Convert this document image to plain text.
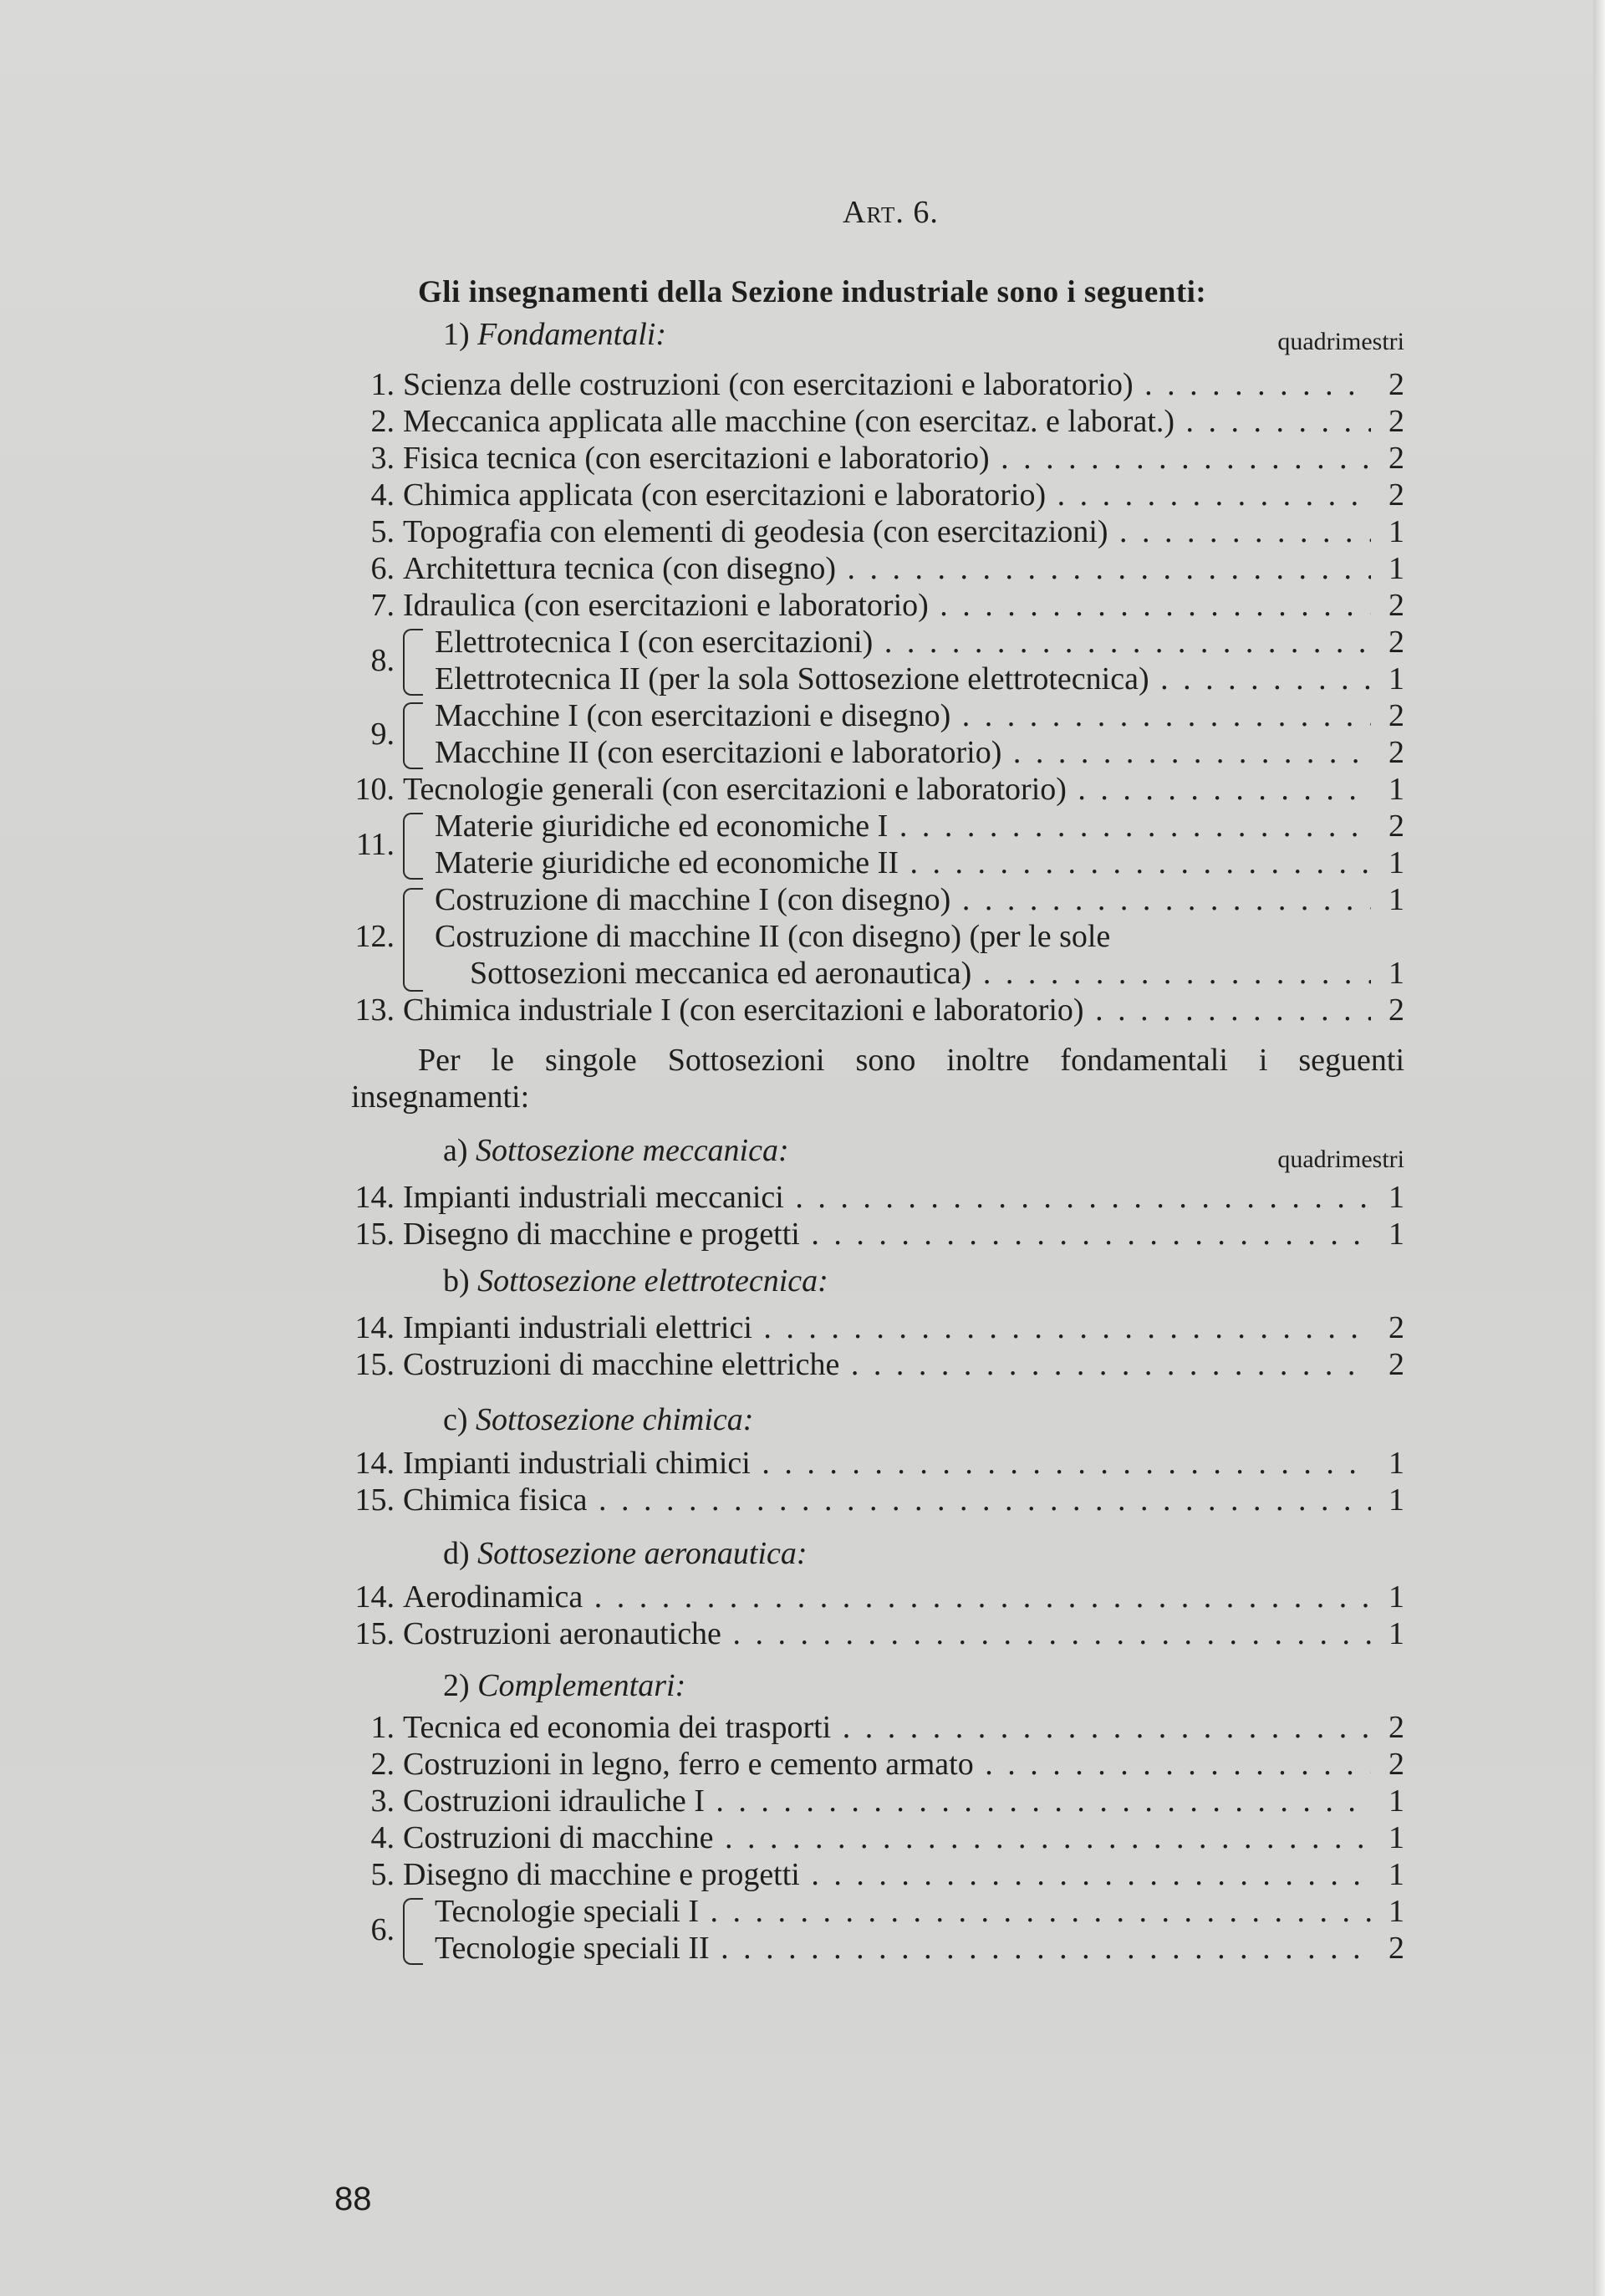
Art. 6.
Gli insegnamenti della Sezione industriale sono i seguenti:
1) Fondamentali:	quadrimestri
1. Scienza delle costruzioni (con esercitazioni e laboratorio) . . .	2
2. Meccanica applicata alle macchine (con esercitaz. e laborat.) . . .	2
3. Fisica tecnica (con esercitazioni e laboratorio) . . .	2
4. Chimica applicata (con esercitazioni e laboratorio) . . .	2
5. Topografia con elementi di geodesia (con esercitazioni) . . .	1
6. Architettura tecnica (con disegno) . . .	1
7. Idraulica (con esercitazioni e laboratorio) . . .	2
8.
Elettrotecnica I (con esercitazioni) . . .	2
Elettrotecnica II (per la sola Sottosezione elettrotecnica) . . .	1
9.
Macchine I (con esercitazioni e disegno) . . .	2
Macchine II (con esercitazioni e laboratorio) . . .	2
10. Tecnologie generali (con esercitazioni e laboratorio) . . .	1
11.
Materie giuridiche ed economiche I . . .	2
Materie giuridiche ed economiche II . . .	1
12.
Costruzione di macchine I (con disegno) . . .	1
Costruzione di macchine II (con disegno) (per le sole
Sottosezioni meccanica ed aeronautica) . . .	1
13. Chimica industriale I (con esercitazioni e laboratorio) . . .	2
Per le singole Sottosezioni sono inoltre fondamentali i seguenti
insegnamenti:
a) Sottosezione meccanica:	quadrimestri
14. Impianti industriali meccanici . . .	1
15. Disegno di macchine e progetti . . .	1
b) Sottosezione elettrotecnica:
14. Impianti industriali elettrici . . .	2
15. Costruzioni di macchine elettriche . . .	2
c) Sottosezione chimica:
14. Impianti industriali chimici . . .	1
15. Chimica fisica . . .	1
d) Sottosezione aeronautica:
14. Aerodinamica . . .	1
15. Costruzioni aeronautiche . . .	1
2) Complementari:
1. Tecnica ed economia dei trasporti . . .	2
2. Costruzioni in legno, ferro e cemento armato . . .	2
3. Costruzioni idrauliche I . . .	1
4. Costruzioni di macchine . . .	1
5. Disegno di macchine e progetti . . .	1
6.
Tecnologie speciali I . . .	1
Tecnologie speciali II . . .	2
88
